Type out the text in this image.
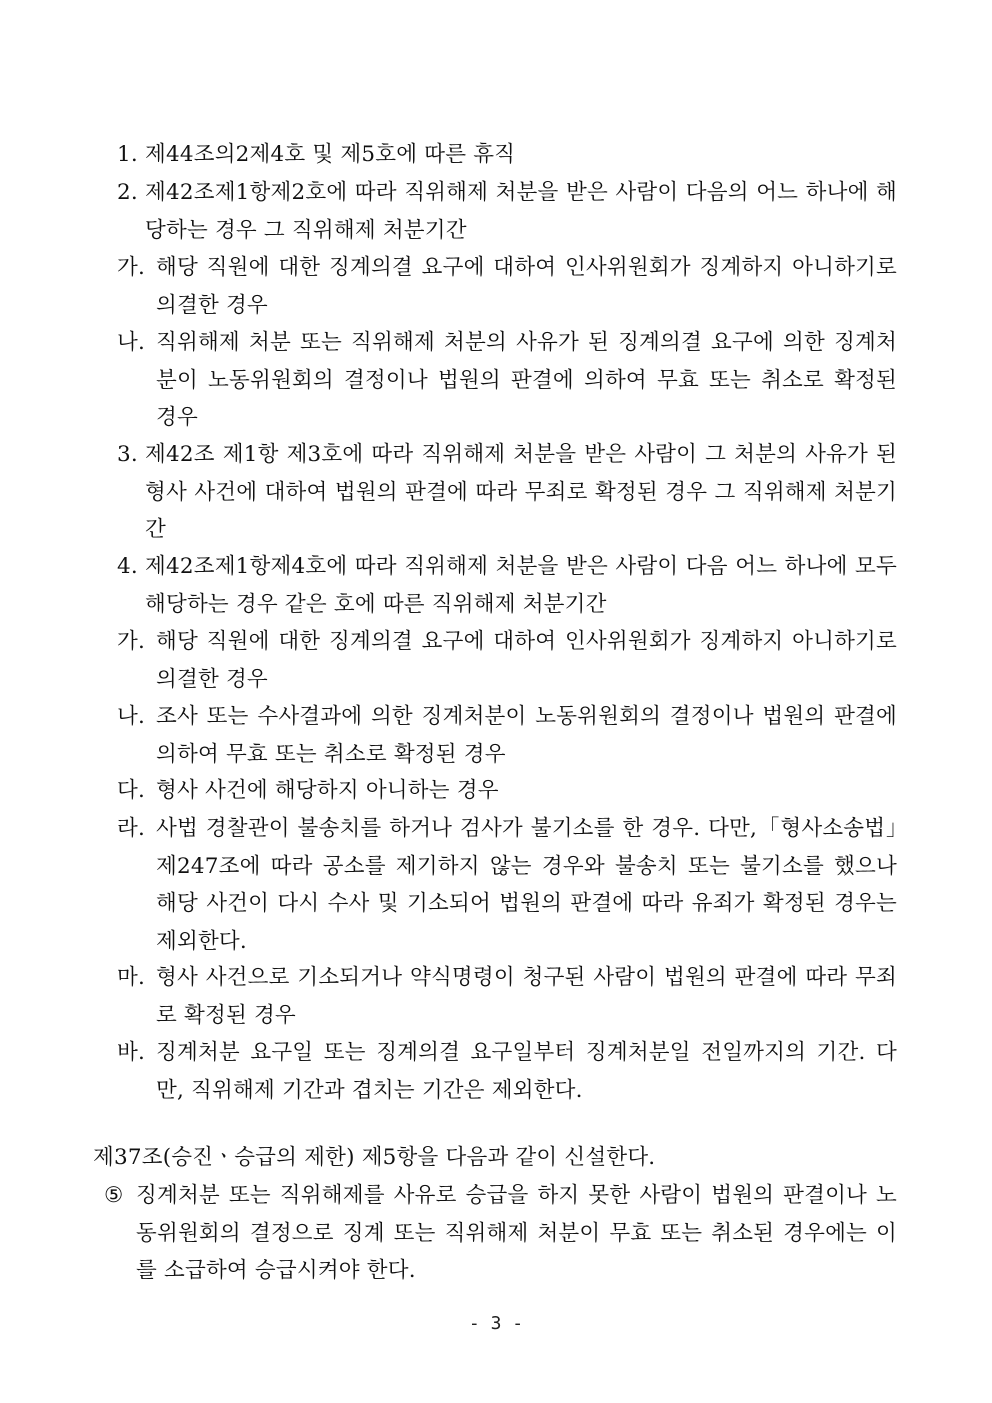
1. 제44조의2제4호 및 제5호에 따른 휴직
2. 제42조제1항제2호에 따라 직위해제 처분을 받은 사람이 다음의 어느 하나에 해당하는 경우 그 직위해제 처분기간
가. 해당 직원에 대한 징계의결 요구에 대하여 인사위원회가 징계하지 아니하기로 의결한 경우
나. 직위해제 처분 또는 직위해제 처분의 사유가 된 징계의결 요구에 의한 징계처분이 노동위원회의 결정이나 법원의 판결에 의하여 무효 또는 취소로 확정된 경우
3. 제42조 제1항 제3호에 따라 직위해제 처분을 받은 사람이 그 처분의 사유가 된 형사 사건에 대하여 법원의 판결에 따라 무죄로 확정된 경우 그 직위해제 처분기간
4. 제42조제1항제4호에 따라 직위해제 처분을 받은 사람이 다음 어느 하나에 모두 해당하는 경우 같은 호에 따른 직위해제 처분기간
가. 해당 직원에 대한 징계의결 요구에 대하여 인사위원회가 징계하지 아니하기로 의결한 경우
나. 조사 또는 수사결과에 의한 징계처분이 노동위원회의 결정이나 법원의 판결에 의하여 무효 또는 취소로 확정된 경우
다. 형사 사건에 해당하지 아니하는 경우
라. 사법 경찰관이 불송치를 하거나 검사가 불기소를 한 경우. 다만,「형사소송법」제247조에 따라 공소를 제기하지 않는 경우와 불송치 또는 불기소를 했으나 해당 사건이 다시 수사 및 기소되어 법원의 판결에 따라 유죄가 확정된 경우는 제외한다.
마. 형사 사건으로 기소되거나 약식명령이 청구된 사람이 법원의 판결에 따라 무죄로 확정된 경우
바. 징계처분 요구일 또는 징계의결 요구일부터 징계처분일 전일까지의 기간. 다만, 직위해제 기간과 겹치는 기간은 제외한다.
제37조(승진ㆍ승급의 제한) 제5항을 다음과 같이 신설한다.
⑤ 징계처분 또는 직위해제를 사유로 승급을 하지 못한 사람이 법원의 판결이나 노동위원회의 결정으로 징계 또는 직위해제 처분이 무효 또는 취소된 경우에는 이를 소급하여 승급시켜야 한다.
- 3 -
